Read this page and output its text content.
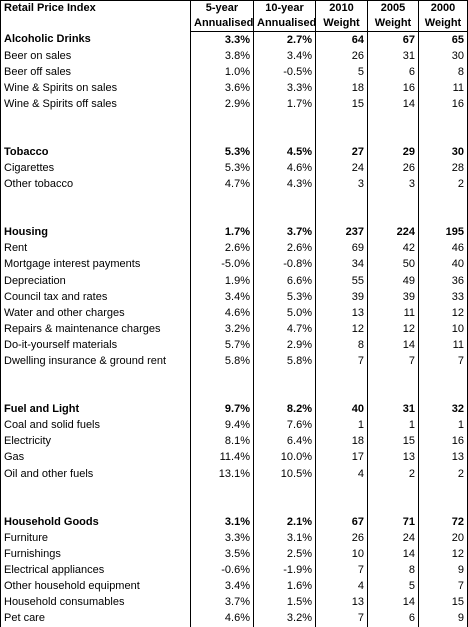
Retail Price Index	5-year	10-year	2010	2005	2000
	Annualised	Annualised	Weight	Weight	Weight
Alcoholic Drinks	3.3%	2.7%	64	67	65
Beer on sales	3.8%	3.4%	26	31	30
Beer off sales	1.0%	-0.5%	5	6	8
Wine & Spirits on sales	3.6%	3.3%	18	16	11
Wine & Spirits off sales	2.9%	1.7%	15	14	16

Tobacco	5.3%	4.5%	27	29	30
Cigarettes	5.3%	4.6%	24	26	28
Other tobacco	4.7%	4.3%	3	3	2

Housing	1.7%	3.7%	237	224	195
Rent	2.6%	2.6%	69	42	46
Mortgage interest payments	-5.0%	-0.8%	34	50	40
Depreciation	1.9%	6.6%	55	49	36
Council tax and rates	3.4%	5.3%	39	39	33
Water and other charges	4.6%	5.0%	13	11	12
Repairs & maintenance charges	3.2%	4.7%	12	12	10
Do-it-yourself materials	5.7%	2.9%	8	14	11
Dwelling insurance & ground rent	5.8%	5.8%	7	7	7

Fuel and Light	9.7%	8.2%	40	31	32
Coal and solid fuels	9.4%	7.6%	1	1	1
Electricity	8.1%	6.4%	18	15	16
Gas	11.4%	10.0%	17	13	13
Oil and other fuels	13.1%	10.5%	4	2	2

Household Goods	3.1%	2.1%	67	71	72
Furniture	3.3%	3.1%	26	24	20
Furnishings	3.5%	2.5%	10	14	12
Electrical appliances	-0.6%	-1.9%	7	8	9
Other household equipment	3.4%	1.6%	4	5	7
Household consumables	3.7%	1.5%	13	14	15
Pet care	4.6%	3.2%	7	6	9
